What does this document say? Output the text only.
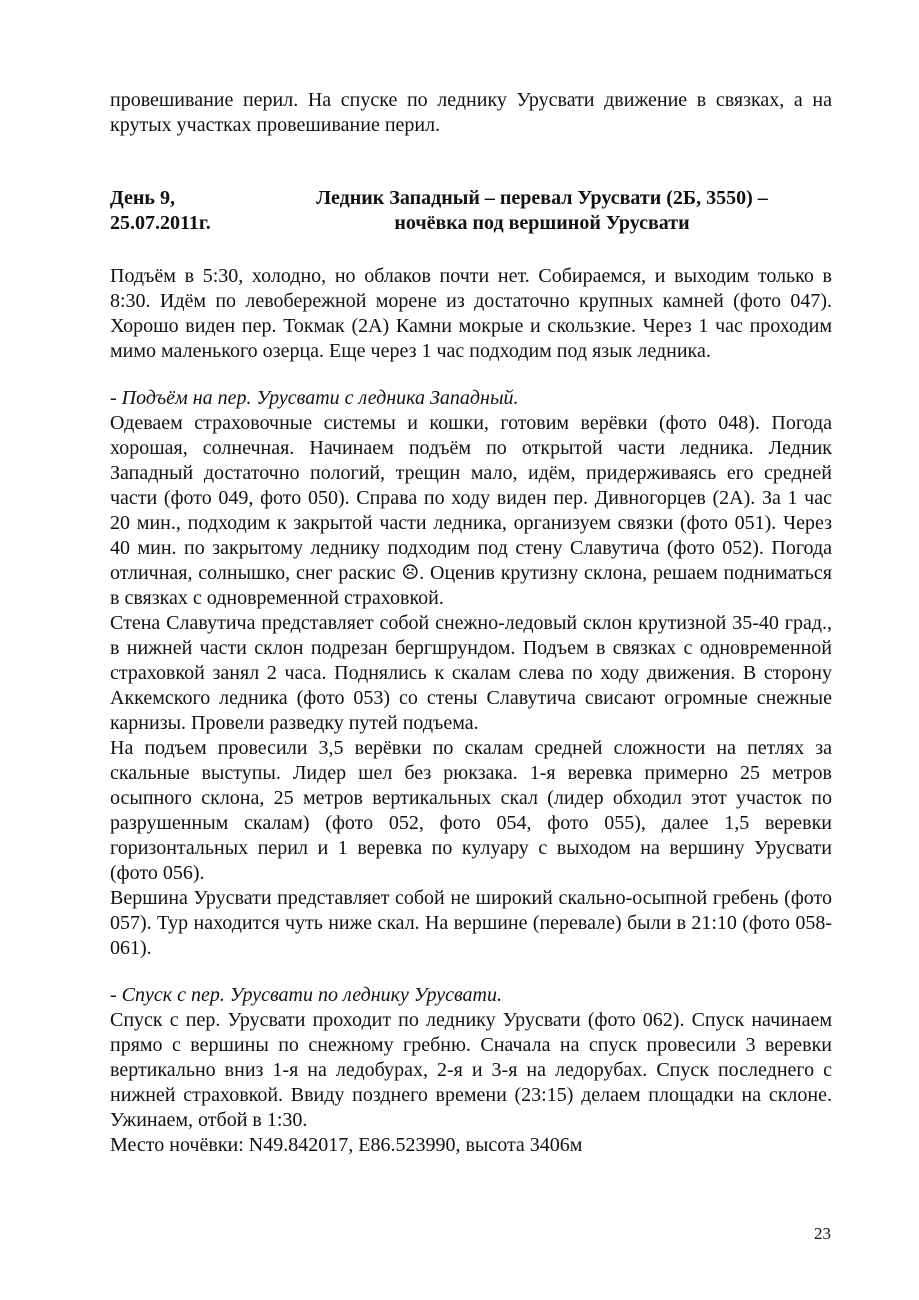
провешивание перил. На спуске по леднику Урусвати движение в связках, а на крутых участках провешивание перил.

День 9,
25.07.2011г.
Ледник Западный – перевал Урусвати (2Б, 3550) –
ночёвка под вершиной Урусвати

Подъём в 5:30, холодно, но облаков почти нет. Собираемся, и выходим только в 8:30. Идём по левобережной морене из достаточно крупных камней (фото 047). Хорошо виден пер. Токмак (2А) Камни мокрые и скользкие. Через 1 час проходим мимо маленького озерца. Еще через 1 час подходим под язык ледника.

- Подъём на пер. Урусвати с ледника Западный.

Одеваем страховочные системы и кошки, готовим верёвки (фото 048). Погода хорошая, солнечная. Начинаем подъём по открытой части ледника. Ледник Западный достаточно пологий, трещин мало, идём, придерживаясь его средней части (фото 049, фото 050). Справа по ходу виден пер. Дивногорцев (2А). За 1 час 20 мин., подходим к закрытой части ледника, организуем связки (фото 051). Через 40 мин. по закрытому леднику подходим под стену Славутича (фото 052). Погода отличная, солнышко, снег раскис ☹. Оценив крутизну склона, решаем подниматься в связках с одновременной страховкой.

Стена Славутича представляет собой снежно-ледовый склон крутизной 35-40 град., в нижней части склон подрезан бергшрундом. Подъем в связках с одновременной страховкой занял 2 часа. Поднялись к скалам слева по ходу движения. В сторону Аккемского ледника (фото 053) со стены Славутича свисают огромные снежные карнизы. Провели разведку путей подъема.

На подъем провесили 3,5 верёвки по скалам средней сложности на петлях за скальные выступы. Лидер шел без рюкзака. 1-я веревка примерно 25 метров осыпного склона, 25 метров вертикальных скал (лидер обходил этот участок по разрушенным скалам) (фото 052, фото 054, фото 055), далее 1,5 веревки горизонтальных перил и 1 веревка по кулуару с выходом на вершину Урусвати (фото 056).

Вершина Урусвати представляет собой не широкий скально-осыпной гребень (фото 057). Тур находится чуть ниже скал. На вершине (перевале) были в 21:10 (фото 058-061).

- Спуск с пер. Урусвати по леднику Урусвати.

Спуск с пер. Урусвати проходит по леднику Урусвати (фото 062). Спуск начинаем прямо с вершины по снежному гребню. Сначала на спуск провесили 3 веревки вертикально вниз 1-я на ледобурах, 2-я и 3-я на ледорубах. Спуск последнего с нижней страховкой. Ввиду позднего времени (23:15) делаем площадки на склоне. Ужинаем, отбой в 1:30.

Место ночёвки: N49.842017, E86.523990, высота 3406м

23
